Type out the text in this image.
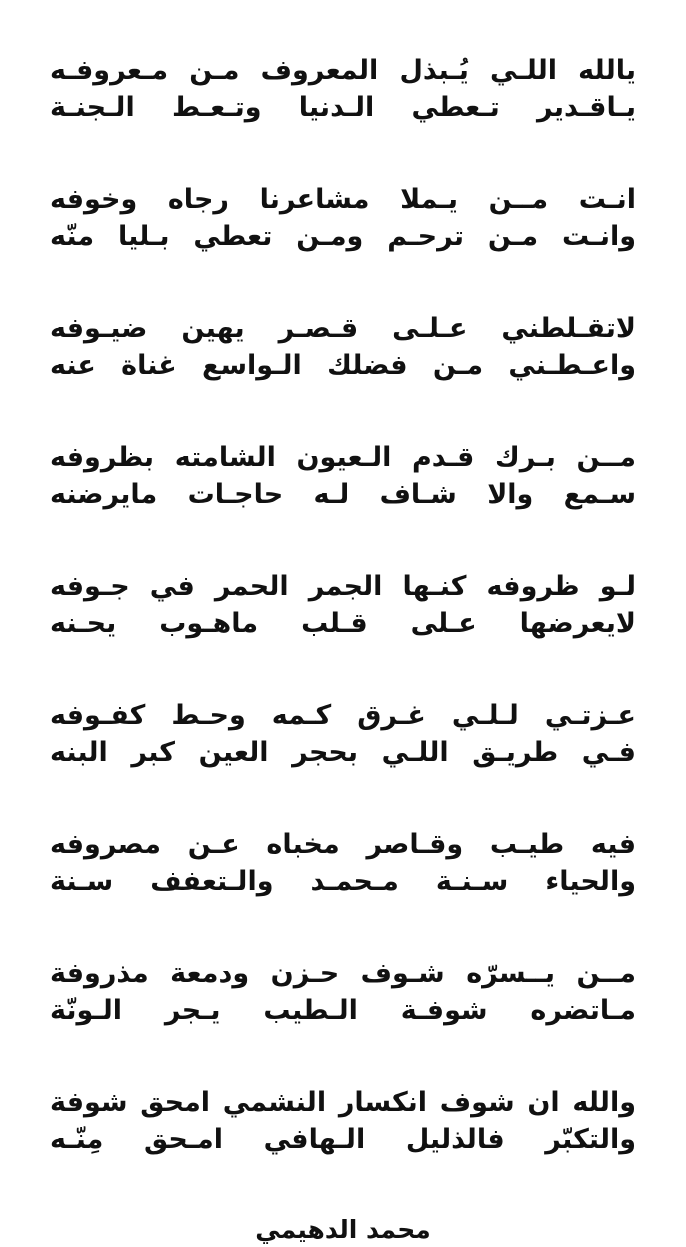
يالله اللـي يُـبذل المعروف مـن مـعروفـه

يـاقـدير تـعطي الـدنيا وتـعـط الـجنـة

انـت مــن يـملا مشاعرنا رجاه وخوفه

وانـت مـن ترحـم ومـن تعطي بـليا منّه

لاتقـلطني عـلـى قـصـر يهين ضيـوفه

واعـطـني مـن فضلك الـواسع غناة عنه

مــن بـرك قـدم الـعيون الشامته بظروفه

سـمع والا شـاف لـه حاجـات مايرضنه

لـو ظروفه كنـها الجمر الحمر في جـوفه

لايعرضها عـلى قـلب ماهـوب يحـنه

عـزتـي لـلـي غـرق كـمه وحـط كفـوفه

فـي طريـق اللـي بحجر العين كبر البنه

فيه طيـب وقـاصر مخباه عـن مصروفه

والحياء سـنـة مـحمـد والـتعفف سـنة

مــن يــسرّه شـوف حـزن ودمعة مذروفة

مـاتضره شوفـة الـطيب يـجر الـونّة

والله ان شوف انكسار النشمي امحق شوفة

والتكبّر فالذليل الـهافي امـحق مِنّـه

محمد الدهيمي
